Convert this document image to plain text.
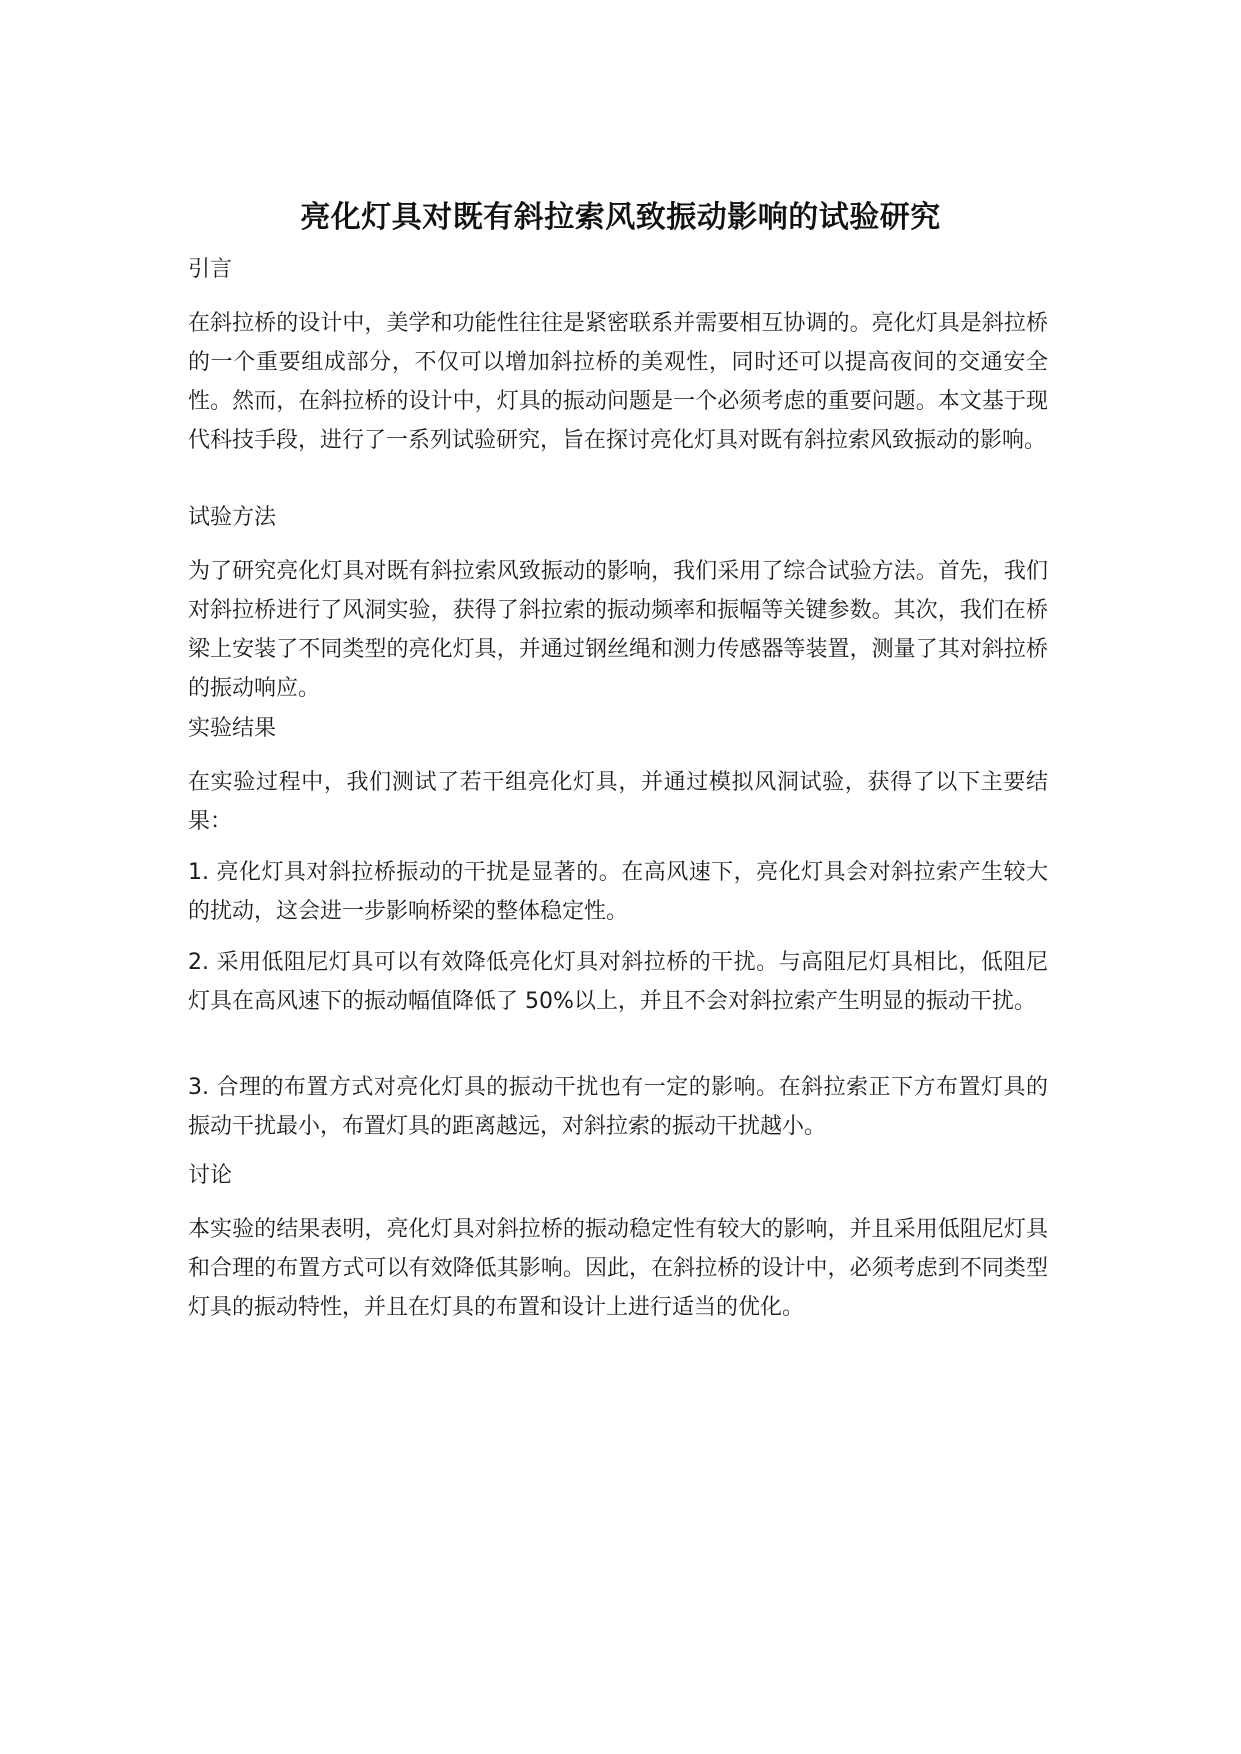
亮化灯具对既有斜拉索风致振动影响的试验研究

引言

在斜拉桥的设计中，美学和功能性往往是紧密联系并需要相互协调的。亮化灯具是斜拉桥的一个重要组成部分，不仅可以增加斜拉桥的美观性，同时还可以提高夜间的交通安全性。然而，在斜拉桥的设计中，灯具的振动问题是一个必须考虑的重要问题。本文基于现代科技手段，进行了一系列试验研究，旨在探讨亮化灯具对既有斜拉索风致振动的影响。

试验方法

为了研究亮化灯具对既有斜拉索风致振动的影响，我们采用了综合试验方法。首先，我们对斜拉桥进行了风洞实验，获得了斜拉索的振动频率和振幅等关键参数。其次，我们在桥梁上安装了不同类型的亮化灯具，并通过钢丝绳和测力传感器等装置，测量了其对斜拉桥的振动响应。

实验结果

在实验过程中，我们测试了若干组亮化灯具，并通过模拟风洞试验，获得了以下主要结果：

1. 亮化灯具对斜拉桥振动的干扰是显著的。在高风速下，亮化灯具会对斜拉索产生较大的扰动，这会进一步影响桥梁的整体稳定性。

2. 采用低阻尼灯具可以有效降低亮化灯具对斜拉桥的干扰。与高阻尼灯具相比，低阻尼灯具在高风速下的振动幅值降低了 50%以上，并且不会对斜拉索产生明显的振动干扰。

3. 合理的布置方式对亮化灯具的振动干扰也有一定的影响。在斜拉索正下方布置灯具的振动干扰最小，布置灯具的距离越远，对斜拉索的振动干扰越小。

讨论

本实验的结果表明，亮化灯具对斜拉桥的振动稳定性有较大的影响，并且采用低阻尼灯具和合理的布置方式可以有效降低其影响。因此，在斜拉桥的设计中，必须考虑到不同类型灯具的振动特性，并且在灯具的布置和设计上进行适当的优化。
